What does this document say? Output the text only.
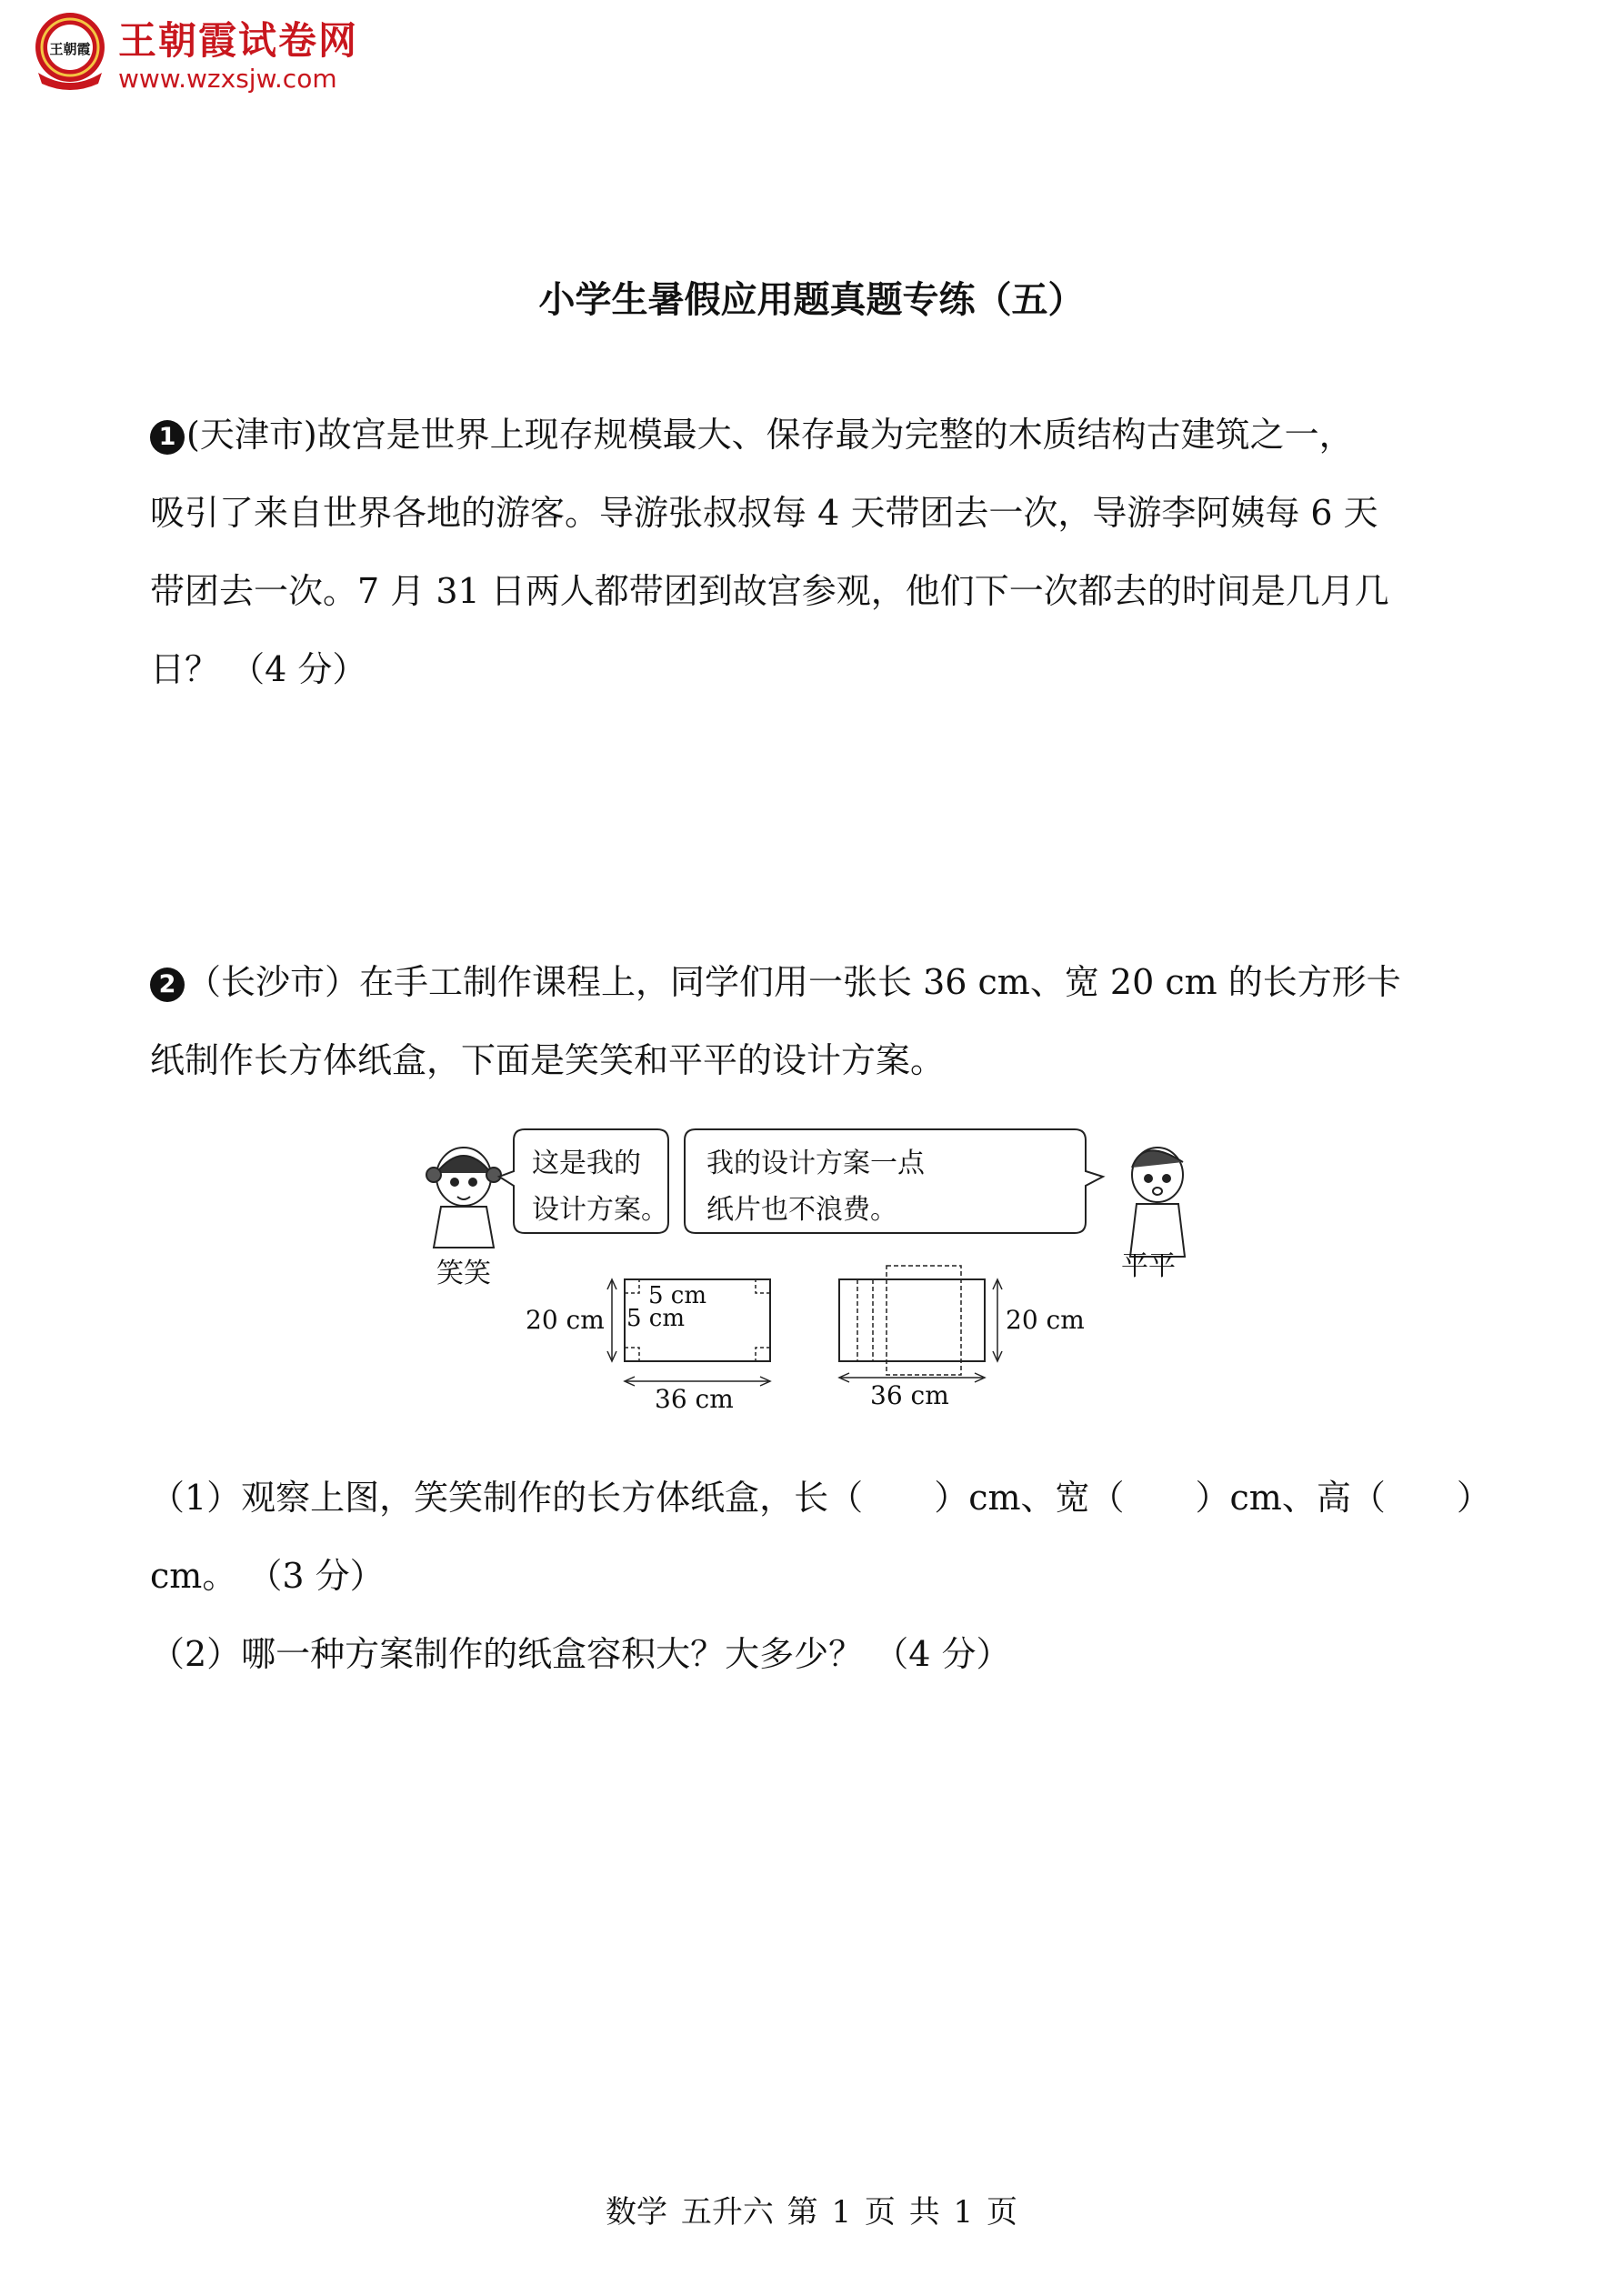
王朝霞 王朝霞试卷网
www.wzxsjw.com
小学生暑假应用题真题专练（五）
1 (天津市)故宫是世界上现存规模最大、保存最为完整的木质结构古建筑之一，
吸引了来自世界各地的游客。导游张叔叔每 4 天带团去一次，导游李阿姨每 6 天
带团去一次。7 月 31 日两人都带团到故宫参观，他们下一次都去的时间是几月几
日？ （4 分）
2 （长沙市）在手工制作课程上，同学们用一张长 36 cm、宽 20 cm 的长方形卡
纸制作长方体纸盒，下面是笑笑和平平的设计方案。
笑笑
这是我的
设计方案。
我的设计方案一点
纸片也不浪费。
平平
20 cm
5 cm
5 cm
36 cm
20 cm
36 cm
（1）观察上图，笑笑制作的长方体纸盒，长（ ）cm、宽（ ）cm、高（ ）
cm。 （3 分）
（2）哪一种方案制作的纸盒容积大？大多少？ （4 分）
数学 五升六 第 1 页 共 1 页
